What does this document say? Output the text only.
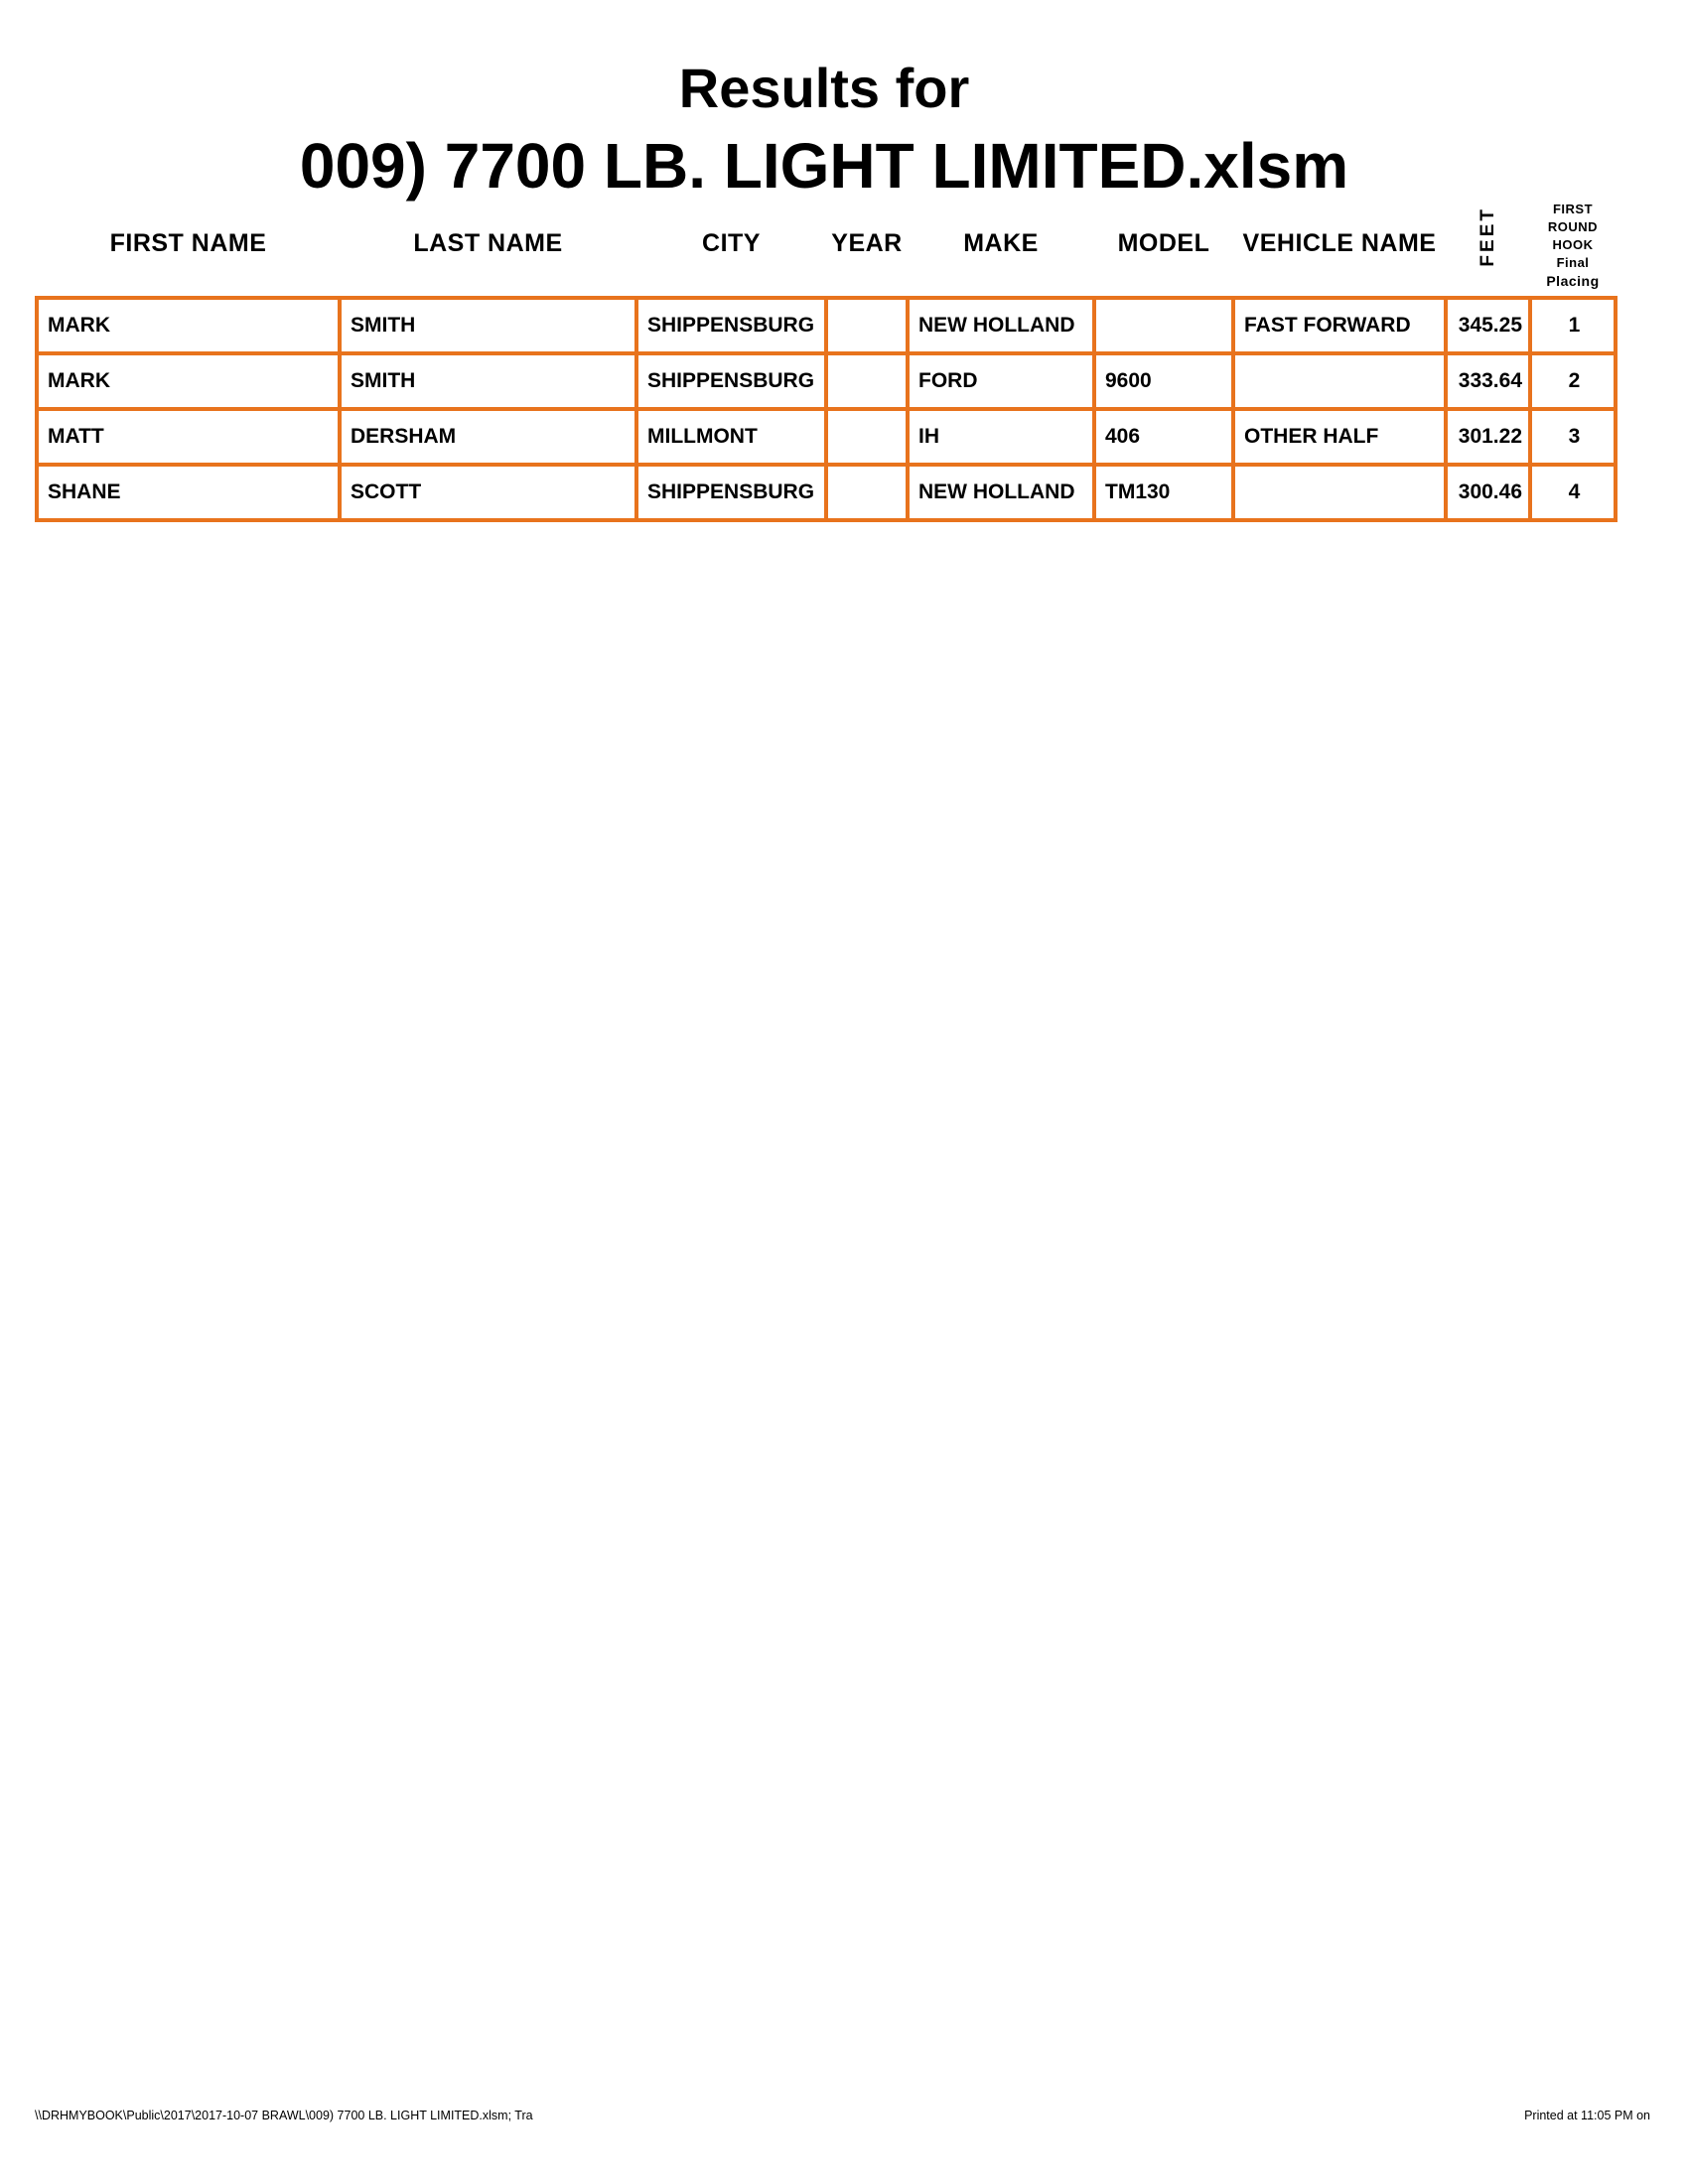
Results for
009) 7700 LB. LIGHT LIMITED.xlsm
FIRST NAME	LAST NAME	CITY	YEAR	MAKE	MODEL	VEHICLE NAME	FEET	FIRST
ROUND
HOOK
Final
Placing

MARK	SMITH	SHIPPENSBURG		NEW HOLLAND		FAST FORWARD	345.25	1
MARK	SMITH	SHIPPENSBURG		FORD	9600		333.64	2
MATT	DERSHAM	MILLMONT		IH	406	OTHER HALF	301.22	3
SHANE	SCOTT	SHIPPENSBURG		NEW HOLLAND	TM130		300.46	4
\\DRHMYBOOK\Public\2017\2017-10-07 BRAWL\009) 7700 LB. LIGHT LIMITED.xlsm; Tra	Printed at 11:05 PM on
